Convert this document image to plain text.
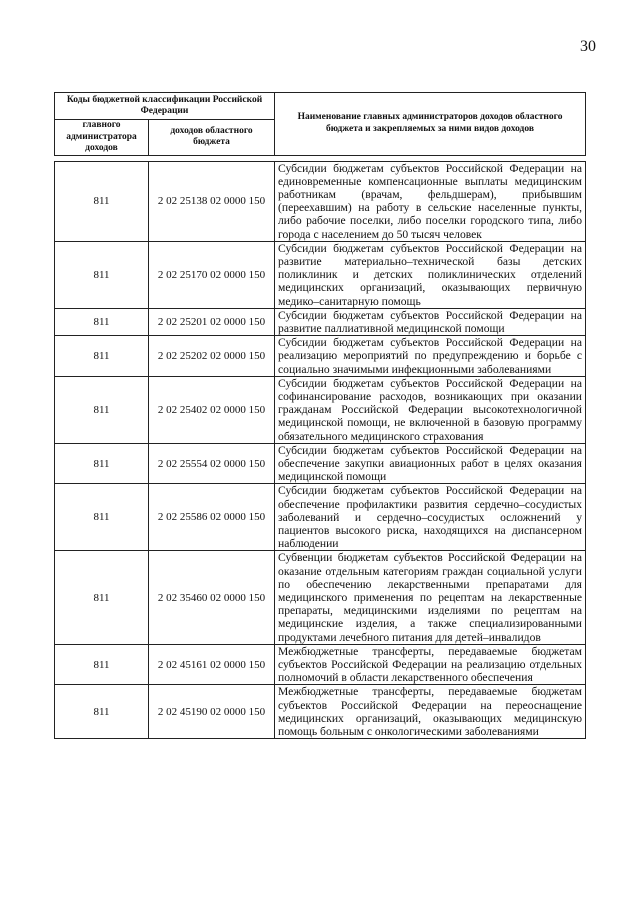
30
Коды бюджетной классификации Российской Федерации		Наименование главных администраторов доходов областного бюджета и закрепляемых за ними видов доходов
главного администратора доходов	доходов областного бюджета	

811	2 02 25138 02 0000 150	Субсидии бюджетам субъектов Российской Федерации на единовременные компенсационные выплаты медицинским работникам (врачам, фельдшерам), прибывшим (переехавшим) на работу в сельские населенные пункты, либо рабочие поселки, либо поселки городского типа, либо города с населением до 50 тысяч человек
811	2 02 25170 02 0000 150	Субсидии бюджетам субъектов Российской Федерации на развитие материально–технической базы детских поликлиник и детских поликлинических отделений медицинских организаций, оказывающих первичную медико–санитарную помощь
811	2 02 25201 02 0000 150	Субсидии бюджетам субъектов Российской Федерации на развитие паллиативной медицинской помощи
811	2 02 25202 02 0000 150	Субсидии бюджетам субъектов Российской Федерации на реализацию мероприятий по предупреждению и борьбе с социально значимыми инфекционными заболеваниями
811	2 02 25402 02 0000 150	Субсидии бюджетам субъектов Российской Федерации на софинансирование расходов, возникающих при оказании гражданам Российской Федерации высокотехнологичной медицинской помощи, не включенной в базовую программу обязательного медицинского страхования
811	2 02 25554 02 0000 150	Субсидии бюджетам субъектов Российской Федерации на обеспечение закупки авиационных работ в целях оказания медицинской помощи
811	2 02 25586 02 0000 150	Субсидии бюджетам субъектов Российской Федерации на обеспечение профилактики развития сердечно–сосудистых заболеваний и сердечно–сосудистых осложнений у пациентов высокого риска, находящихся на диспансерном наблюдении
811	2 02 35460 02 0000 150	Субвенции бюджетам субъектов Российской Федерации на оказание отдельным категориям граждан социальной услуги по обеспечению лекарственными препаратами для медицинского применения по рецептам на лекарственные препараты, медицинскими изделиями по рецептам на медицинские изделия, а также специализированными продуктами лечебного питания для детей–инвалидов
811	2 02 45161 02 0000 150	Межбюджетные трансферты, передаваемые бюджетам субъектов Российской Федерации на реализацию отдельных полномочий в области лекарственного обеспечения
811	2 02 45190 02 0000 150	Межбюджетные трансферты, передаваемые бюджетам субъектов Российской Федерации на переоснащение медицинских организаций, оказывающих медицинскую помощь больным с онкологическими заболеваниями
